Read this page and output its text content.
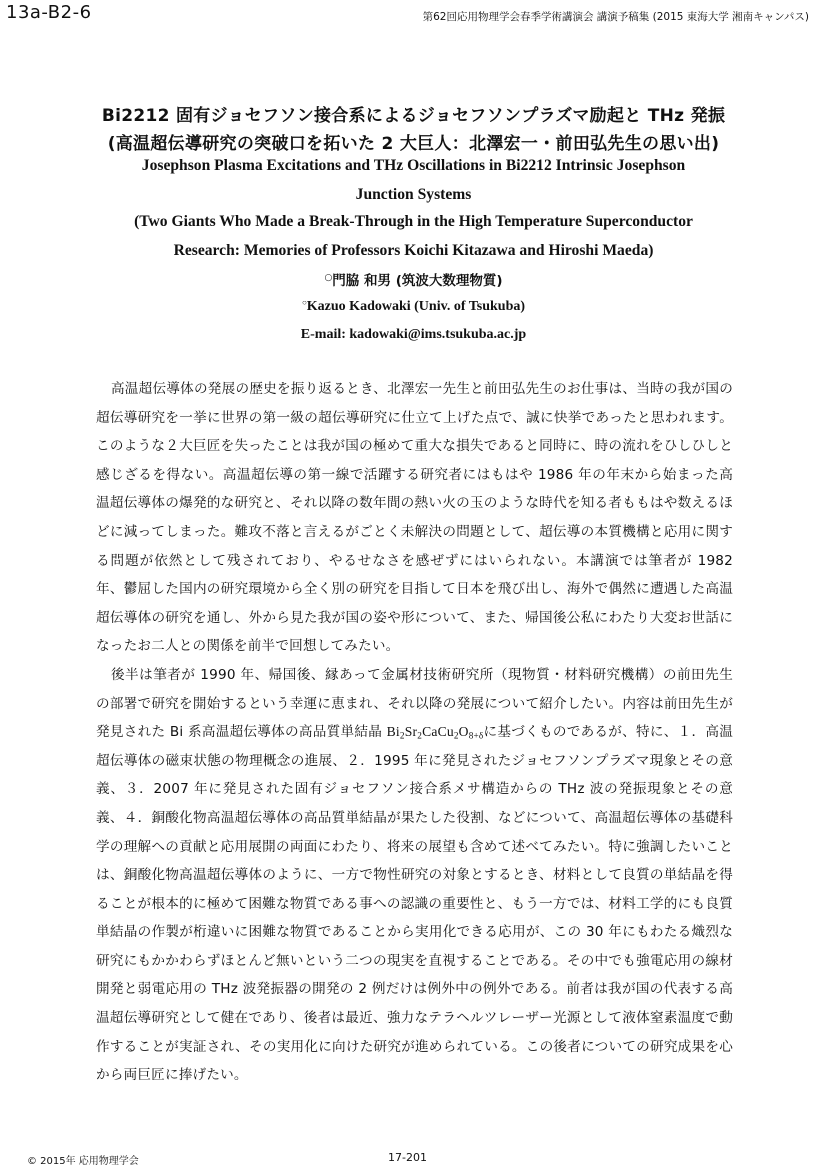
13a-B2-6	第62回応用物理学会春季学術講演会 講演予稿集 (2015 東海大学 湘南キャンパス)
Bi2212 固有ジョセフソン接合系によるジョセフソンプラズマ励起と THz 発振
(高温超伝導研究の突破口を拓いた 2 大巨人：北澤宏一・前田弘先生の思い出)
Josephson Plasma Excitations and THz Oscillations in Bi2212 Intrinsic Josephson
Junction Systems
(Two Giants Who Made a Break-Through in the High Temperature Superconductor
Research: Memories of Professors Koichi Kitazawa and Hiroshi Maeda)
○門脇 和男 (筑波大数理物質)
○Kazuo Kadowaki (Univ. of Tsukuba)
E-mail: kadowaki@ims.tsukuba.ac.jp

高温超伝導体の発展の歴史を振り返るとき、北澤宏一先生と前田弘先生のお仕事は、当時の我が国の超伝導研究を一挙に世界の第一級の超伝導研究に仕立て上げた点で、誠に快挙であったと思われます。このような２大巨匠を失ったことは我が国の極めて重大な損失であると同時に、時の流れをひしひしと感じざるを得ない。高温超伝導の第一線で活躍する研究者にはもはや 1986 年の年末から始まった高温超伝導体の爆発的な研究と、それ以降の数年間の熱い火の玉のような時代を知る者ももはや数えるほどに減ってしまった。難攻不落と言えるがごとく未解決の問題として、超伝導の本質機構と応用に関する問題が依然として残されており、やるせなさを感ぜずにはいられない。本講演では筆者が 1982 年、鬱屈した国内の研究環境から全く別の研究を目指して日本を飛び出し、海外で偶然に遭遇した高温超伝導体の研究を通し、外から見た我が国の姿や形について、また、帰国後公私にわたり大変お世話になったお二人との関係を前半で回想してみたい。

後半は筆者が 1990 年、帰国後、縁あって金属材技術研究所（現物質・材料研究機構）の前田先生の部署で研究を開始するという幸運に恵まれ、それ以降の発展について紹介したい。内容は前田先生が発見された Bi 系高温超伝導体の高品質単結晶 $Bi_2Sr_2CaCu_2O_{8+\delta}$に基づくものであるが、特に、１．高温超伝導体の磁束状態の物理概念の進展、２．1995 年に発見されたジョセフソンプラズマ現象とその意義、３．2007 年に発見された固有ジョセフソン接合系メサ構造からの THz 波の発振現象とその意義、４．銅酸化物高温超伝導体の高品質単結晶が果たした役割、などについて、高温超伝導体の基礎科学の理解への貢献と応用展開の両面にわたり、将来の展望も含めて述べてみたい。特に強調したいことは、銅酸化物高温超伝導体のように、一方で物性研究の対象とするとき、材料として良質の単結晶を得ることが根本的に極めて困難な物質である事への認識の重要性と、もう一方では、材料工学的にも良質単結晶の作製が桁違いに困難な物質であることから実用化できる応用が、この 30 年にもわたる熾烈な研究にもかかわらずほとんど無いという二つの現実を直視することである。その中でも強電応用の線材開発と弱電応用の THz 波発振器の開発の 2 例だけは例外中の例外である。前者は我が国の代表する高温超伝導研究として健在であり、後者は最近、強力なテラヘルツレーザー光源として液体窒素温度で動作することが実証され、その実用化に向けた研究が進められている。この後者についての研究成果を心から両巨匠に捧げたい。

© 2015年 応用物理学会	17-201
